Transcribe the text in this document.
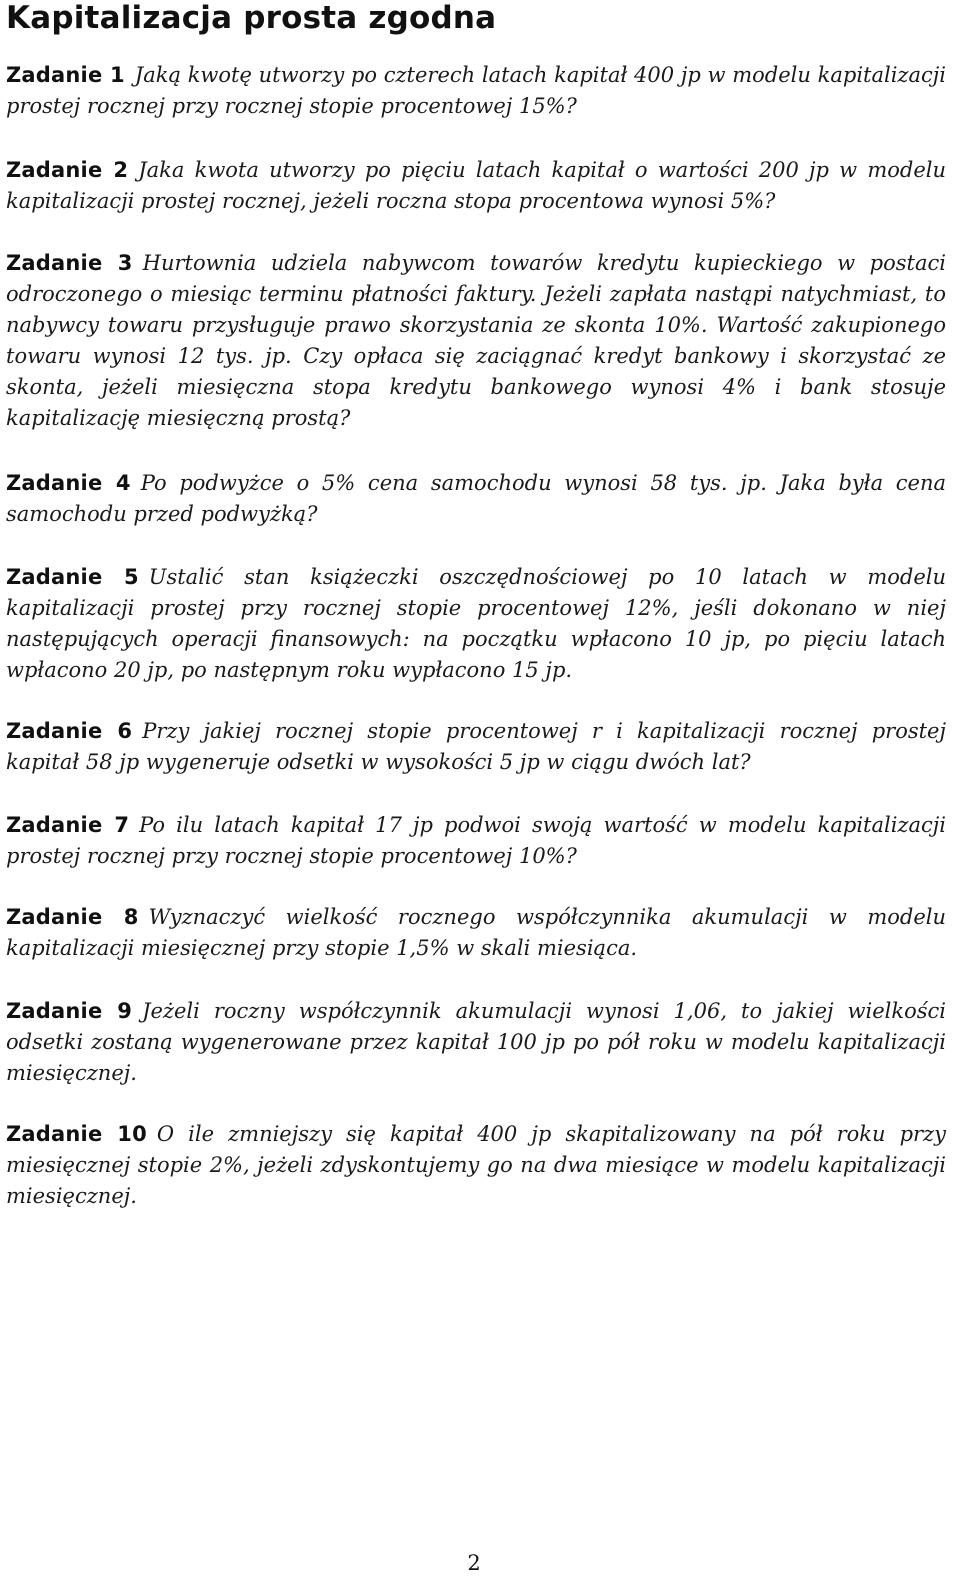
Kapitalizacja prosta zgodna

Zadanie 1 Jaką kwotę utworzy po czterech latach kapitał 400 jp w modelu kapitalizacji prostej rocznej przy rocznej stopie procentowej 15%?

Zadanie 2 Jaka kwota utworzy po pięciu latach kapitał o wartości 200 jp w modelu kapitalizacji prostej rocznej, jeżeli roczna stopa procentowa wynosi 5%?

Zadanie 3 Hurtownia udziela nabywcom towarów kredytu kupieckiego w postaci odroczonego o miesiąc terminu płatności faktury. Jeżeli zapłata nastąpi natychmiast, to nabywcy towaru przysługuje prawo skorzystania ze skonta 10%. Wartość zakupionego towaru wynosi 12 tys. jp. Czy opłaca się zaciągnać kredyt bankowy i skorzystać ze skonta, jeżeli miesięczna stopa kredytu bankowego wynosi 4% i bank stosuje kapitalizację miesięczną prostą?

Zadanie 4 Po podwyżce o 5% cena samochodu wynosi 58 tys. jp. Jaka była cena samochodu przed podwyżką?

Zadanie 5 Ustalić stan książeczki oszczędnościowej po 10 latach w modelu kapitalizacji prostej przy rocznej stopie procentowej 12%, jeśli dokonano w niej następujących operacji finansowych: na początku wpłacono 10 jp, po pięciu latach wpłacono 20 jp, po następnym roku wypłacono 15 jp.

Zadanie 6 Przy jakiej rocznej stopie procentowej r i kapitalizacji rocznej prostej kapitał 58 jp wygeneruje odsetki w wysokości 5 jp w ciągu dwóch lat?

Zadanie 7 Po ilu latach kapitał 17 jp podwoi swoją wartość w modelu kapitalizacji prostej rocznej przy rocznej stopie procentowej 10%?

Zadanie 8 Wyznaczyć wielkość rocznego współczynnika akumulacji w modelu kapitalizacji miesięcznej przy stopie 1,5% w skali miesiąca.

Zadanie 9 Jeżeli roczny współczynnik akumulacji wynosi 1,06, to jakiej wielkości odsetki zostaną wygenerowane przez kapitał 100 jp po pół roku w modelu kapitalizacji miesięcznej.

Zadanie 10 O ile zmniejszy się kapitał 400 jp skapitalizowany na pół roku przy miesięcznej stopie 2%, jeżeli zdyskontujemy go na dwa miesiące w modelu kapitalizacji miesięcznej.

2
